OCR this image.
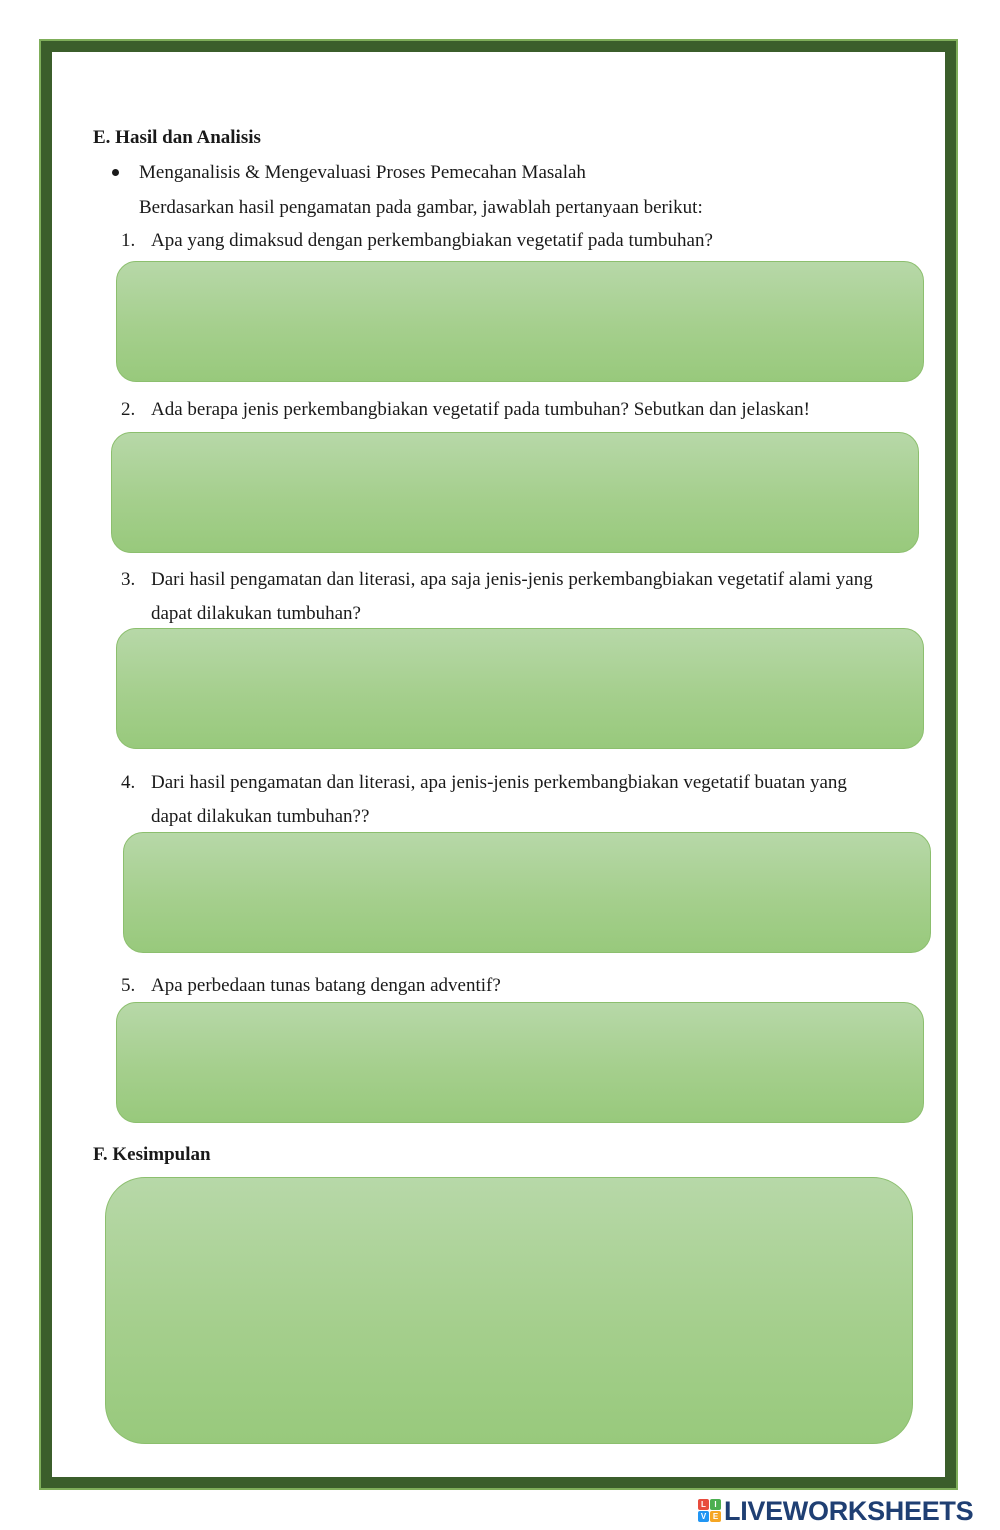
E. Hasil dan Analisis
Menganalisis & Mengevaluasi Proses Pemecahan Masalah
Berdasarkan hasil pengamatan pada gambar, jawablah pertanyaan berikut:
1. Apa yang dimaksud dengan perkembangbiakan vegetatif pada tumbuhan?
2. Ada berapa jenis perkembangbiakan vegetatif pada tumbuhan? Sebutkan dan jelaskan!
3. Dari hasil pengamatan dan literasi, apa saja jenis-jenis perkembangbiakan vegetatif alami yang
dapat dilakukan tumbuhan?
4. Dari hasil pengamatan dan literasi, apa jenis-jenis perkembangbiakan vegetatif buatan yang
dapat dilakukan tumbuhan??
5. Apa perbedaan tunas batang dengan adventif?
F. Kesimpulan
L	I
V E LIVEWORKSHEETS
